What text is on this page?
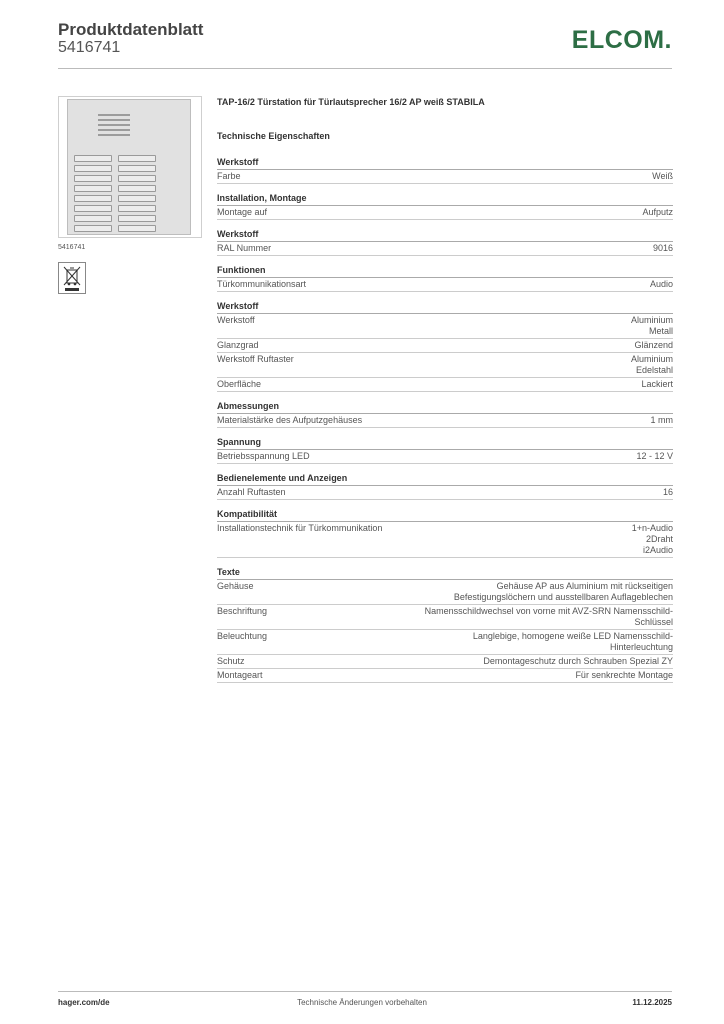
Produktdatenblatt
5416741	ELCOM.
5416741
TAP-16/2 Türstation für Türlautsprecher 16/2 AP weiß STABILA
Technische Eigenschaften
Werkstoff
Farbe	Weiß
Installation, Montage
Montage auf	Aufputz
Werkstoff
RAL Nummer	9016
Funktionen
Türkommunikationsart	Audio
Werkstoff
Werkstoff	Aluminium
Metall
Glanzgrad	Glänzend
Werkstoff Ruftaster	Aluminium
Edelstahl
Oberfläche	Lackiert
Abmessungen
Materialstärke des Aufputzgehäuses	1 mm
Spannung
Betriebsspannung LED	12 - 12 V
Bedienelemente und Anzeigen
Anzahl Ruftasten	16
Kompatibilität
Installationstechnik für Türkommunikation	1+n-Audio
2Draht
i2Audio
Texte
Gehäuse	Gehäuse AP aus Aluminium mit rückseitigen
Befestigungslöchern und ausstellbaren Auflageblechen
Beschriftung	Namensschildwechsel von vorne mit AVZ-SRN Namensschild-
Schlüssel
Beleuchtung	Langlebige, homogene weiße LED Namensschild-
Hinterleuchtung
Schutz	Demontageschutz durch Schrauben Spezial ZY
Montageart	Für senkrechte Montage
hager.com/de	Technische Änderungen vorbehalten	11.12.2025
